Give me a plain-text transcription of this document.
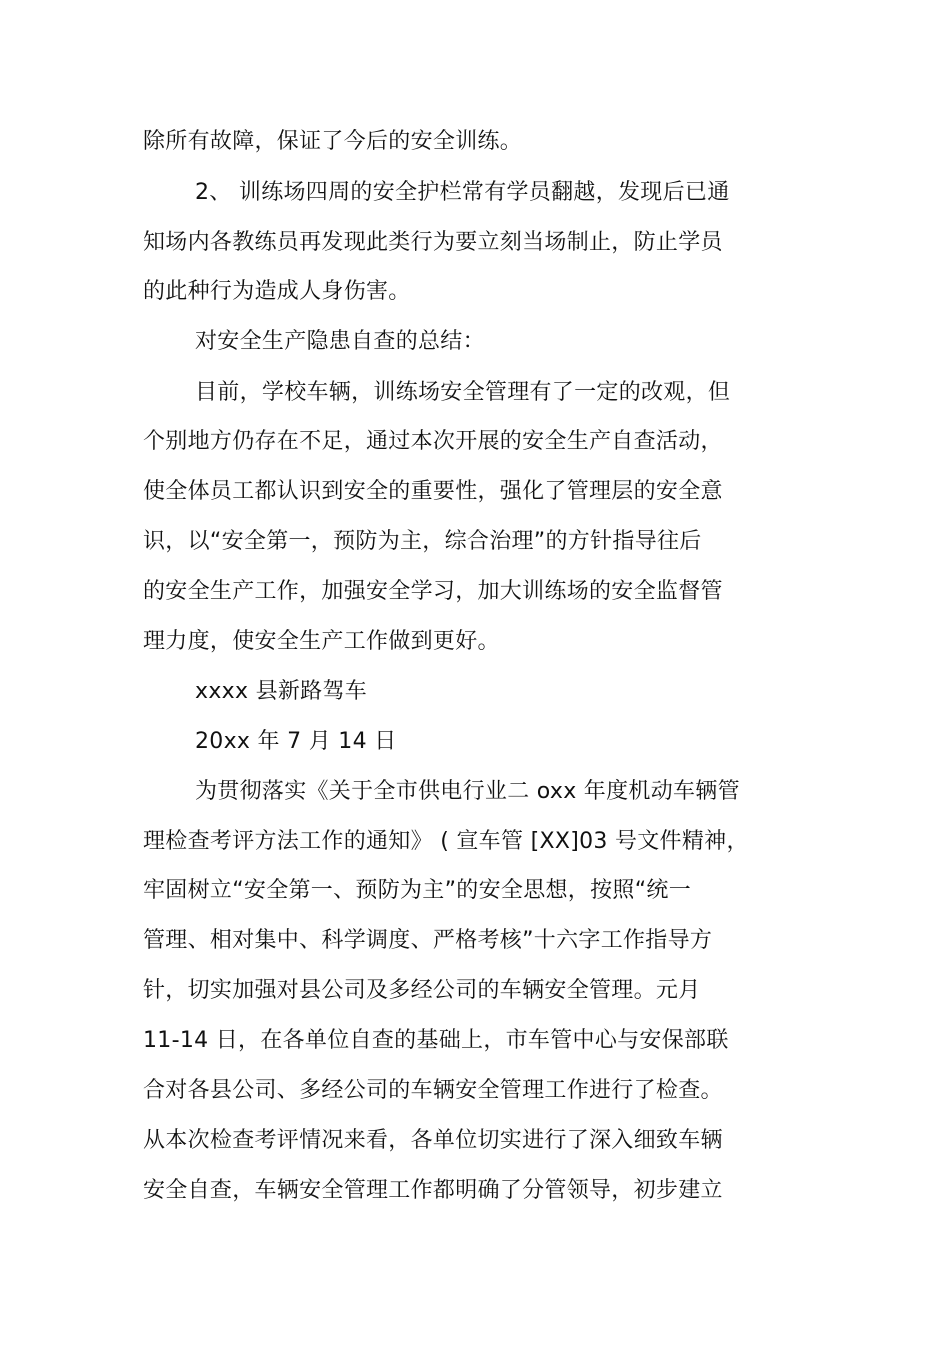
除所有故障，保证了今后的安全训练。
2、 训练场四周的安全护栏常有学员翻越，发现后已通
知场内各教练员再发现此类行为要立刻当场制止，防止学员
的此种行为造成人身伤害。
对安全生产隐患自查的总结：
目前，学校车辆，训练场安全管理有了一定的改观，但
个别地方仍存在不足，通过本次开展的安全生产自查活动，
使全体员工都认识到安全的重要性，强化了管理层的安全意
识，以“安全第一，预防为主，综合治理”的方针指导往后
的安全生产工作，加强安全学习，加大训练场的安全监督管
理力度，使安全生产工作做到更好。
xxxx 县新路驾车
20xx 年 7 月 14 日
为贯彻落实《关于全市供电行业二 oxx 年度机动车辆管
理检查考评方法工作的通知》 ( 宣车管 [XX]03 号文件精神，
牢固树立“安全第一、预防为主”的安全思想，按照“统一
管理、相对集中、科学调度、严格考核”十六字工作指导方
针，切实加强对县公司及多经公司的车辆安全管理。元月
11-14 日，在各单位自查的基础上，市车管中心与安保部联
合对各县公司、多经公司的车辆安全管理工作进行了检查。
从本次检查考评情况来看，各单位切实进行了深入细致车辆
安全自查，车辆安全管理工作都明确了分管领导，初步建立
